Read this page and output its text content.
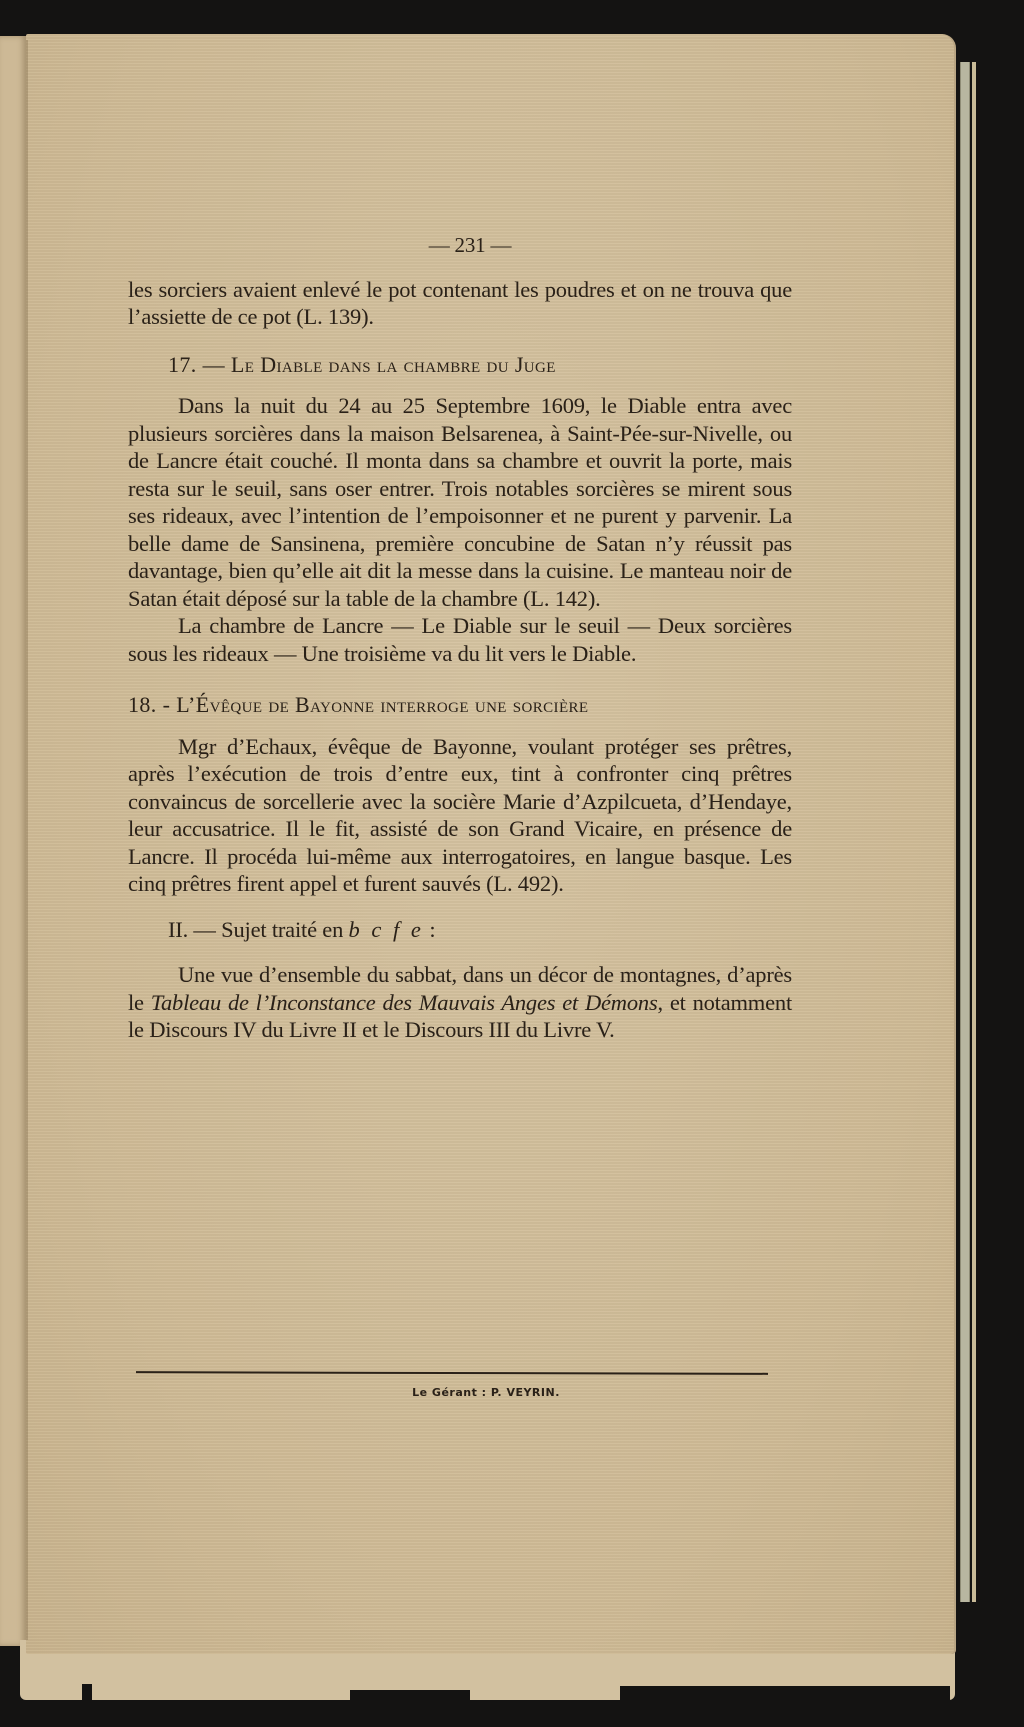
— 231 —

les sorciers avaient enlevé le pot contenant les poudres et on ne trouva que l’assiette de ce pot (L. 139).

17. — Le Diable dans la chambre du Juge

Dans la nuit du 24 au 25 Septembre 1609, le Diable entra avec plusieurs sorcières dans la maison Belsarenea, à Saint-Pée-sur-Nivelle, ou de Lancre était couché. Il monta dans sa chambre et ouvrit la porte, mais resta sur le seuil, sans oser entrer. Trois notables sorcières se mirent sous ses rideaux, avec l’intention de l’empoisonner et ne purent y parvenir. La belle dame de Sansinena, première concubine de Satan n’y réussit pas davantage, bien qu’elle ait dit la messe dans la cuisine. Le manteau noir de Satan était déposé sur la table de la chambre (L. 142).

La chambre de Lancre — Le Diable sur le seuil — Deux sorcières sous les rideaux — Une troisième va du lit vers le Diable.

18. - L’Évêque de Bayonne interroge une sorcière

Mgr d’Echaux, évêque de Bayonne, voulant protéger ses prêtres, après l’exécution de trois d’entre eux, tint à confronter cinq prêtres convaincus de sorcellerie avec la socière Marie d’Azpilcueta, d’Hendaye, leur accusatrice. Il le fit, assisté de son Grand Vicaire, en présence de Lancre. Il procéda lui-même aux interrogatoires, en langue basque. Les cinq prêtres firent appel et furent sauvés (L. 492).

II. — Sujet traité en b c f e :

Une vue d’ensemble du sabbat, dans un décor de montagnes, d’après le Tableau de l’Inconstance des Mauvais Anges et Démons, et notamment le Discours IV du Livre II et le Discours III du Livre V.

Le Gérant : P. VEYRIN.
